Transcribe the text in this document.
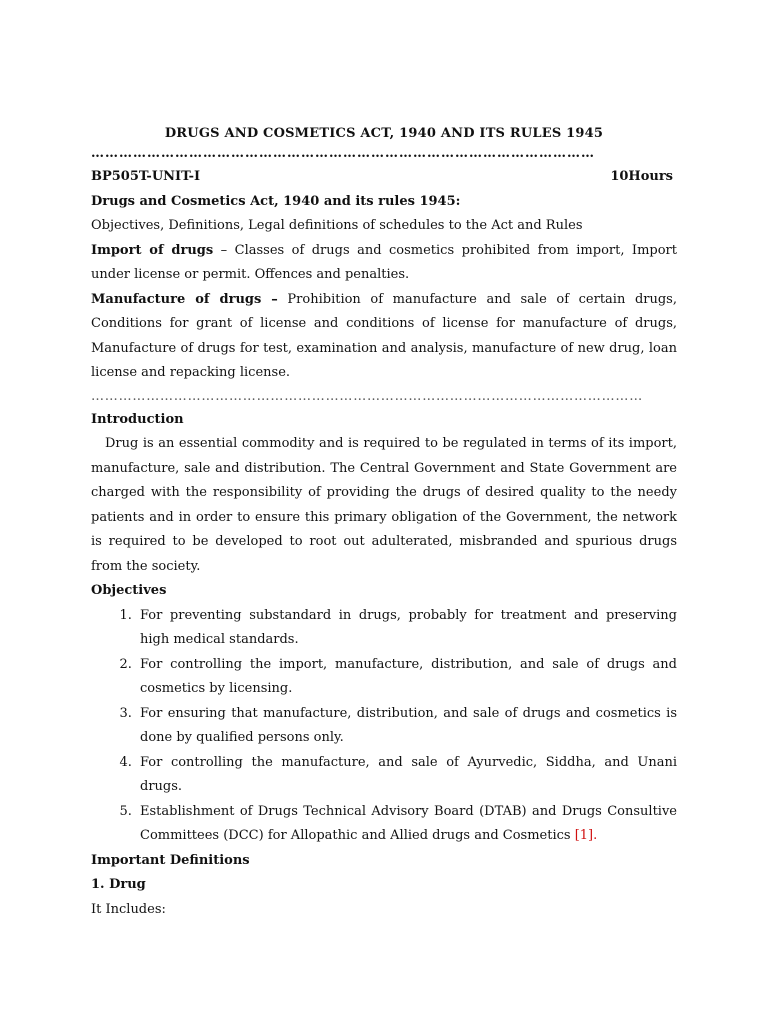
DRUGS AND COSMETICS ACT, 1940 AND ITS RULES 1945
………………………………………………………………………………………………
BP505T-UNIT-I	10Hours

Drugs and Cosmetics Act, 1940 and its rules 1945:

Objectives, Definitions, Legal definitions of schedules to the Act and Rules

Import of drugs – Classes of drugs and cosmetics prohibited from import, Import under license or permit. Offences and penalties.

Manufacture of drugs – Prohibition of manufacture and sale of certain drugs, Conditions for grant of license and conditions of license for manufacture of drugs, Manufacture of drugs for test, examination and analysis, manufacture of new drug, loan license and repacking license.

…………………………………………………………………………………………………………

Introduction

Drug is an essential commodity and is required to be regulated in terms of its import, manufacture, sale and distribution. The Central Government and State Government are charged with the responsibility of providing the drugs of desired quality to the needy patients and in order to ensure this primary obligation of the Government, the network is required to be developed to root out adulterated, misbranded and spurious drugs from the society.

Objectives

1. For preventing substandard in drugs, probably for treatment and preserving high medical standards.
2. For controlling the import, manufacture, distribution, and sale of drugs and cosmetics by licensing.
3. For ensuring that manufacture, distribution, and sale of drugs and cosmetics is done by qualified persons only.
4. For controlling the manufacture, and sale of Ayurvedic, Siddha, and Unani drugs.
5. Establishment of Drugs Technical Advisory Board (DTAB) and Drugs Consultive Committees (DCC) for Allopathic and Allied drugs and Cosmetics [1].

Important Definitions

1. Drug

It Includes:
